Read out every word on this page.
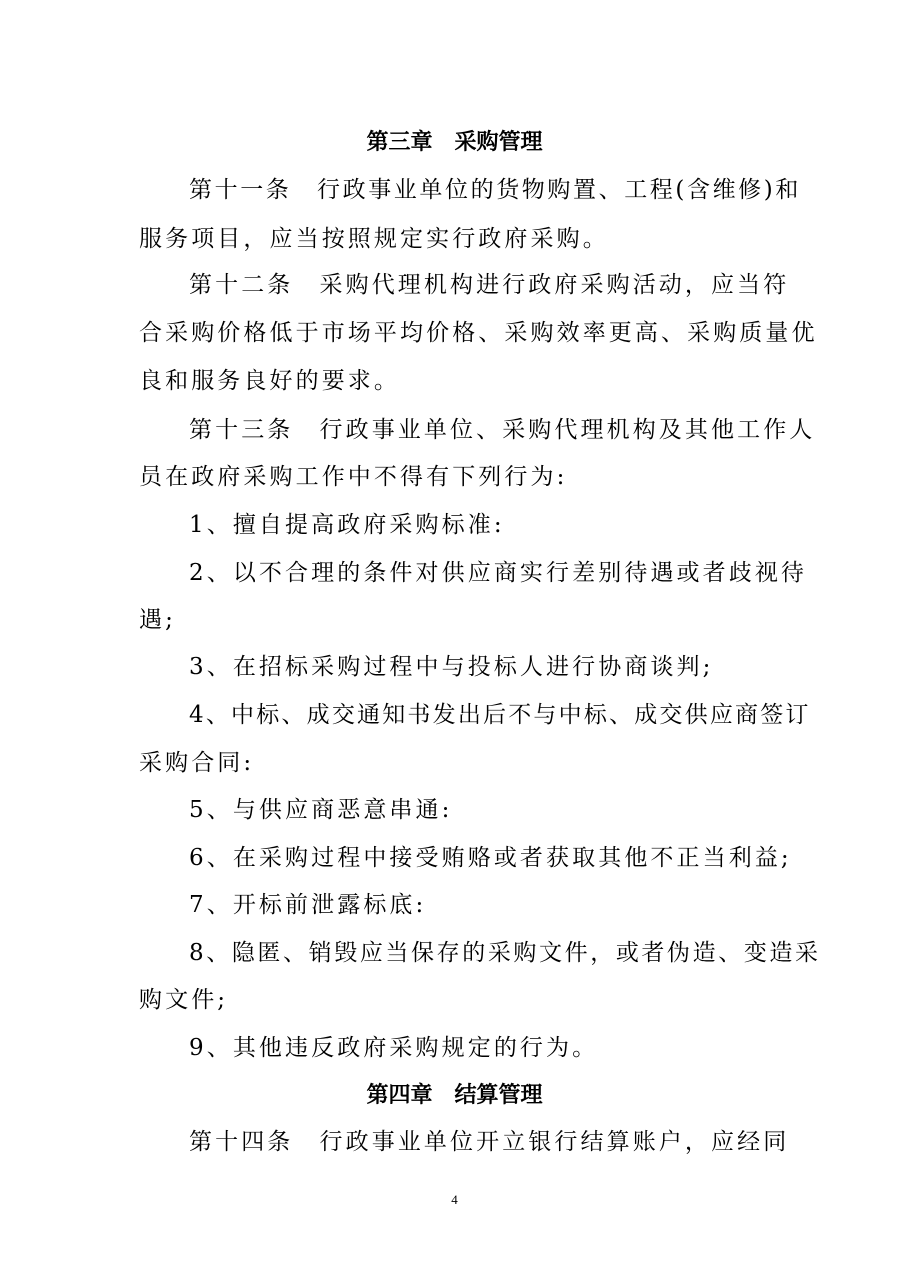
第三章　采购管理
第十一条　行政事业单位的货物购置、工程(含维修)和
服务项目，应当按照规定实行政府采购。
第十二条　采购代理机构进行政府采购活动，应当符
合采购价格低于市场平均价格、采购效率更高、采购质量优
良和服务良好的要求。
第十三条　行政事业单位、采购代理机构及其他工作人
员在政府采购工作中不得有下列行为:
1、擅自提高政府采购标准:
2、以不合理的条件对供应商实行差别待遇或者歧视待
遇;
3、在招标采购过程中与投标人进行协商谈判;
4、中标、成交通知书发出后不与中标、成交供应商签订
采购合同:
5、与供应商恶意串通:
6、在采购过程中接受贿赂或者获取其他不正当利益;
7、开标前泄露标底:
8、隐匿、销毁应当保存的采购文件，或者伪造、变造采
购文件;
9、其他违反政府采购规定的行为。
第四章　结算管理
第十四条　行政事业单位开立银行结算账户，应经同
4
